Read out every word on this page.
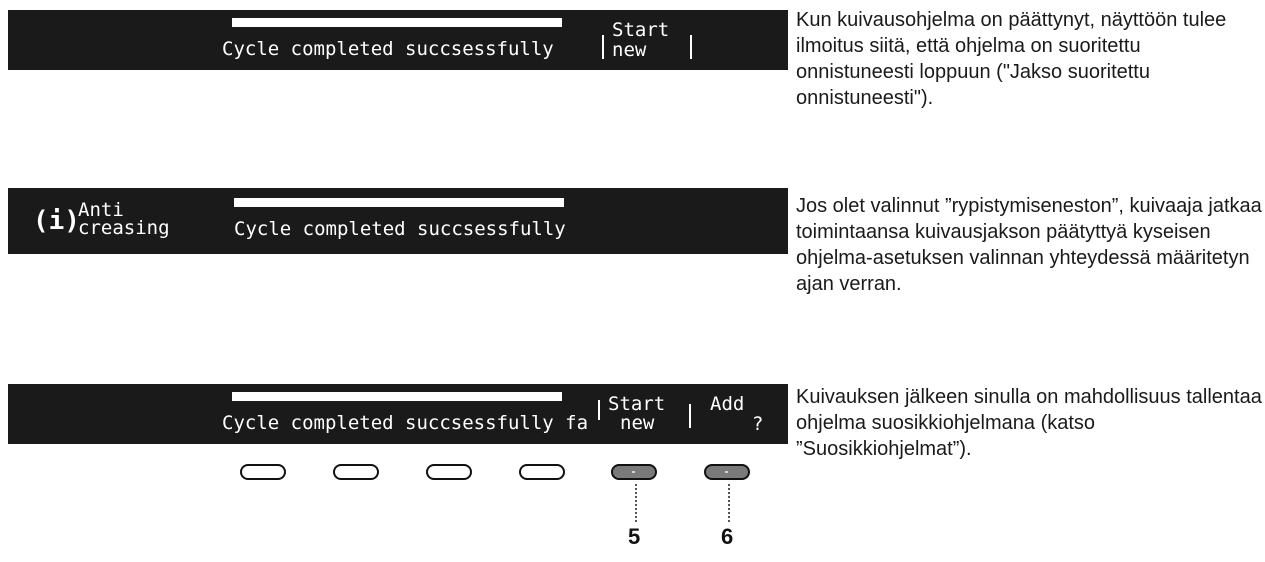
Cycle completed succsessfully
Start
new
Kun kuivausohjelma on päättynyt, näyttöön tulee ilmoitus siitä, että ohjelma on suoritettu onnistuneesti loppuun ("Jakso suoritettu onnistuneesti").
(i)
Anti
creasing	Cycle completed succsessfully
Jos olet valinnut ”rypistymiseneston”, kuivaaja jatkaa toimintaansa kuivausjakson päätyttyä kyseisen ohjelma-asetuksen valinnan yhteydessä määritetyn ajan verran.
Cycle completed succsessfully fa
Start
new
Add
?
Kuivauksen jälkeen sinulla on mahdollisuus tallentaa ohjelma suosikkiohjelmana (katso ”Suosikkiohjelmat”).
5	6
